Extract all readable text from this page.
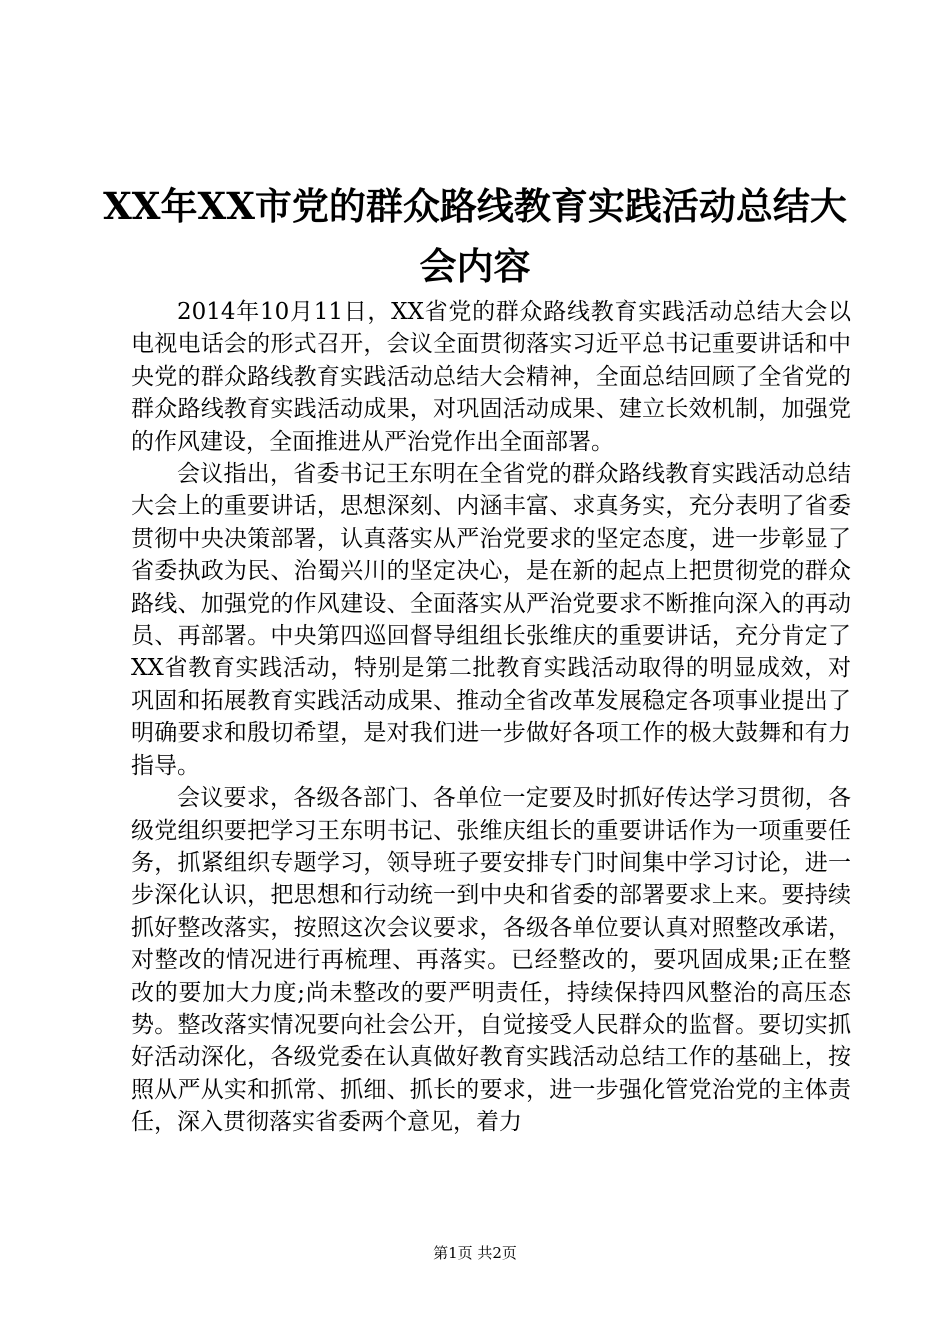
XX年XX市党的群众路线教育实践活动总结大会内容

2014年10月11日，XX省党的群众路线教育实践活动总结大会以电视电话会的形式召开，会议全面贯彻落实习近平总书记重要讲话和中央党的群众路线教育实践活动总结大会精神，全面总结回顾了全省党的群众路线教育实践活动成果，对巩固活动成果、建立长效机制，加强党的作风建设，全面推进从严治党作出全面部署。

会议指出，省委书记王东明在全省党的群众路线教育实践活动总结大会上的重要讲话，思想深刻、内涵丰富、求真务实，充分表明了省委贯彻中央决策部署，认真落实从严治党要求的坚定态度，进一步彰显了省委执政为民、治蜀兴川的坚定决心，是在新的起点上把贯彻党的群众路线、加强党的作风建设、全面落实从严治党要求不断推向深入的再动员、再部署。中央第四巡回督导组组长张维庆的重要讲话，充分肯定了XX省教育实践活动，特别是第二批教育实践活动取得的明显成效，对巩固和拓展教育实践活动成果、推动全省改革发展稳定各项事业提出了明确要求和殷切希望，是对我们进一步做好各项工作的极大鼓舞和有力指导。

会议要求，各级各部门、各单位一定要及时抓好传达学习贯彻，各级党组织要把学习王东明书记、张维庆组长的重要讲话作为一项重要任务，抓紧组织专题学习，领导班子要安排专门时间集中学习讨论，进一步深化认识，把思想和行动统一到中央和省委的部署要求上来。要持续抓好整改落实，按照这次会议要求，各级各单位要认真对照整改承诺，对整改的情况进行再梳理、再落实。已经整改的，要巩固成果;正在整改的要加大力度;尚未整改的要严明责任，持续保持四风整治的高压态势。整改落实情况要向社会公开，自觉接受人民群众的监督。要切实抓好活动深化，各级党委在认真做好教育实践活动总结工作的基础上，按照从严从实和抓常、抓细、抓长的要求，进一步强化管党治党的主体责任，深入贯彻落实省委两个意见，着力

第1页 共2页
